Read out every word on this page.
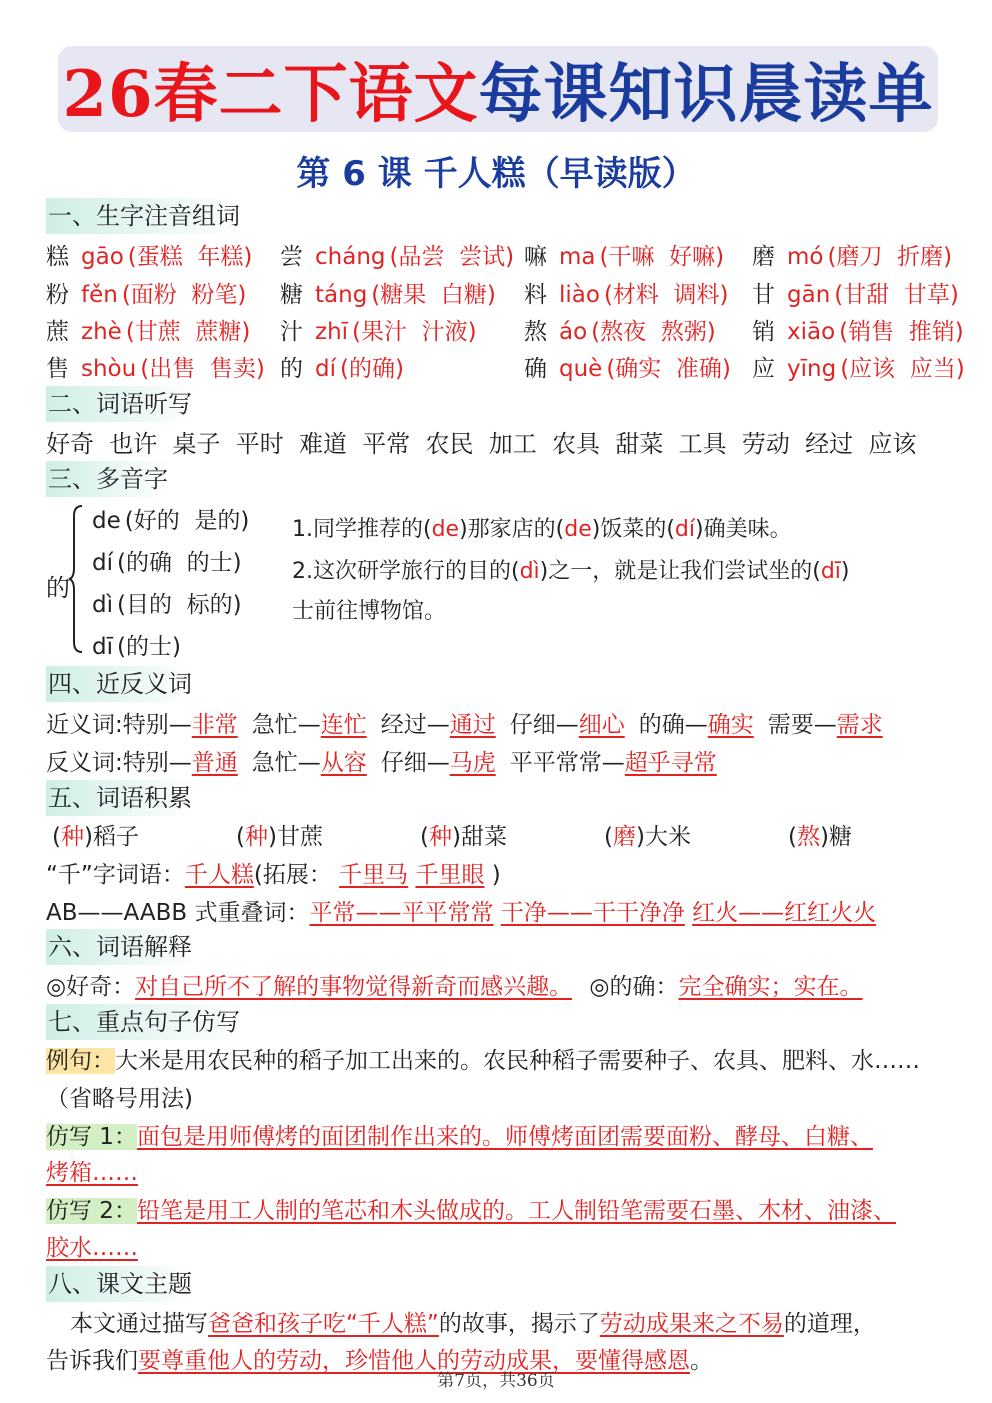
26春二下语文每课知识晨读单
第 6 课 千人糕（早读版）
一、生字注音组词
糕 gāo (蛋糕  年糕) 尝 cháng (品尝  尝试) 嘛 ma (干嘛  好嘛) 磨 mó (磨刀  折磨)
粉 fěn (面粉  粉笔) 糖 táng (糖果  白糖) 料 liào (材料  调料) 甘 gān (甘甜  甘草)
蔗 zhè (甘蔗  蔗糖) 汁 zhī (果汁  汁液) 熬 áo (熬夜  熬粥) 销 xiāo (销售  推销)
售 shòu (出售  售卖) 的 dí (的确)	确 què (确实  准确) 应 yīng (应该  应当)
二、词语听写
好奇  也许  桌子  平时  难道  平常  农民  加工  农具  甜菜  工具  劳动  经过  应该
三、多音字
的
de (好的  是的)
dí (的确  的士)
dì (目的  标的)
dī (的士)
1.同学推荐的(de)那家店的(de)饭菜的(dí)确美味。
2.这次研学旅行的目的(dì)之一，就是让我们尝试坐的(dī)
士前往博物馆。
四、近反义词
近义词:特别—非常 急忙—连忙 经过—通过 仔细—细心 的确—确实 需要—需求
反义词:特别—普通 急忙—从容 仔细—马虎 平平常常—超乎寻常
五、词语积累
(种)稻子	(种)甘蔗	(种)甜菜	(磨)大米	(熬)糖
“千”字词语：千人糕(拓展： 千里马 千里眼 )
AB——AABB 式重叠词：平常——平平常常 干净——干干净净 红火——红红火火
六、词语解释
◎好奇：对自己所不了解的事物觉得新奇而感兴趣。 ◎的确：完全确实；实在。
七、重点句子仿写
例句：大米是用农民种的稻子加工出来的。农民种稻子需要种子、农具、肥料、水……
（省略号用法)
仿写 1：面包是用师傅烤的面团制作出来的。师傅烤面团需要面粉、酵母、白糖、
烤箱……
仿写 2：铅笔是用工人制的笔芯和木头做成的。工人制铅笔需要石墨、木材、油漆、
胶水……
八、课文主题
本文通过描写爸爸和孩子吃“千人糕”的故事，揭示了劳动成果来之不易的道理，
告诉我们要尊重他人的劳动，珍惜他人的劳动成果，要懂得感恩。
第7页，共36页
